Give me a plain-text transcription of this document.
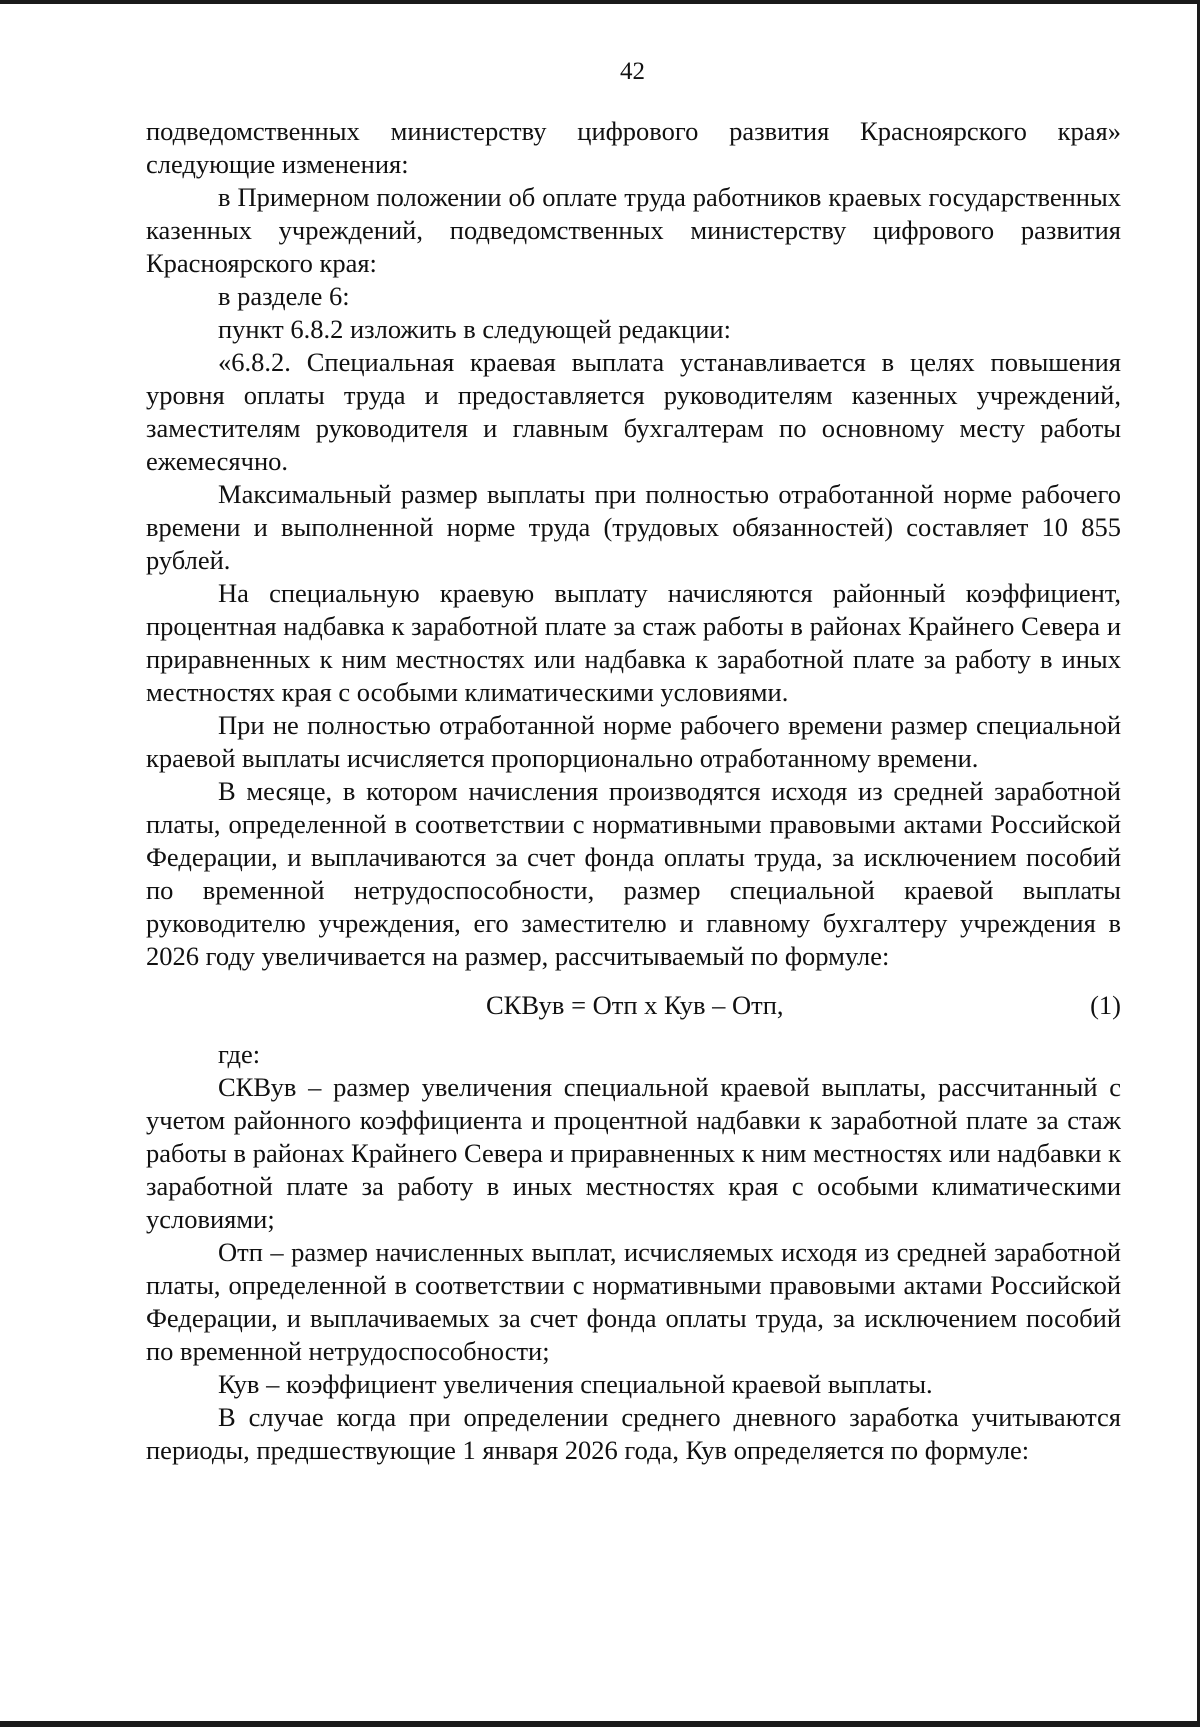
42

подведомственных министерству цифрового развития Красноярского края» следующие изменения:

в Примерном положении об оплате труда работников краевых государственных казенных учреждений, подведомственных министерству цифрового развития Красноярского края:

в разделе 6:

пункт 6.8.2 изложить в следующей редакции:

«6.8.2. Специальная краевая выплата устанавливается в целях повышения уровня оплаты труда и предоставляется руководителям казенных учреждений, заместителям руководителя и главным бухгалтерам по основному месту работы ежемесячно.

Максимальный размер выплаты при полностью отработанной норме рабочего времени и выполненной норме труда (трудовых обязанностей) составляет 10 855 рублей.

На специальную краевую выплату начисляются районный коэффициент, процентная надбавка к заработной плате за стаж работы в районах Крайнего Севера и приравненных к ним местностях или надбавка к заработной плате за работу в иных местностях края с особыми климатическими условиями.

При не полностью отработанной норме рабочего времени размер специальной краевой выплаты исчисляется пропорционально отработанному времени.

В месяце, в котором начисления производятся исходя из средней заработной платы, определенной в соответствии с нормативными правовыми актами Российской Федерации, и выплачиваются за счет фонда оплаты труда, за исключением пособий по временной нетрудоспособности, размер специальной краевой выплаты руководителю учреждения, его заместителю и главному бухгалтеру учреждения в 2026 году увеличивается на размер, рассчитываемый по формуле:

СКВув = Отп х Кув – Отп,	(1)

где:

СКВув – размер увеличения специальной краевой выплаты, рассчитанный с учетом районного коэффициента и процентной надбавки к заработной плате за стаж работы в районах Крайнего Севера и приравненных к ним местностях или надбавки к заработной плате за работу в иных местностях края с особыми климатическими условиями;

Отп – размер начисленных выплат, исчисляемых исходя из средней заработной платы, определенной в соответствии с нормативными правовыми актами Российской Федерации, и выплачиваемых за счет фонда оплаты труда, за исключением пособий по временной нетрудоспособности;

Кув – коэффициент увеличения специальной краевой выплаты.

В случае когда при определении среднего дневного заработка учитываются периоды, предшествующие 1 января 2026 года, Кув определяется по формуле:
